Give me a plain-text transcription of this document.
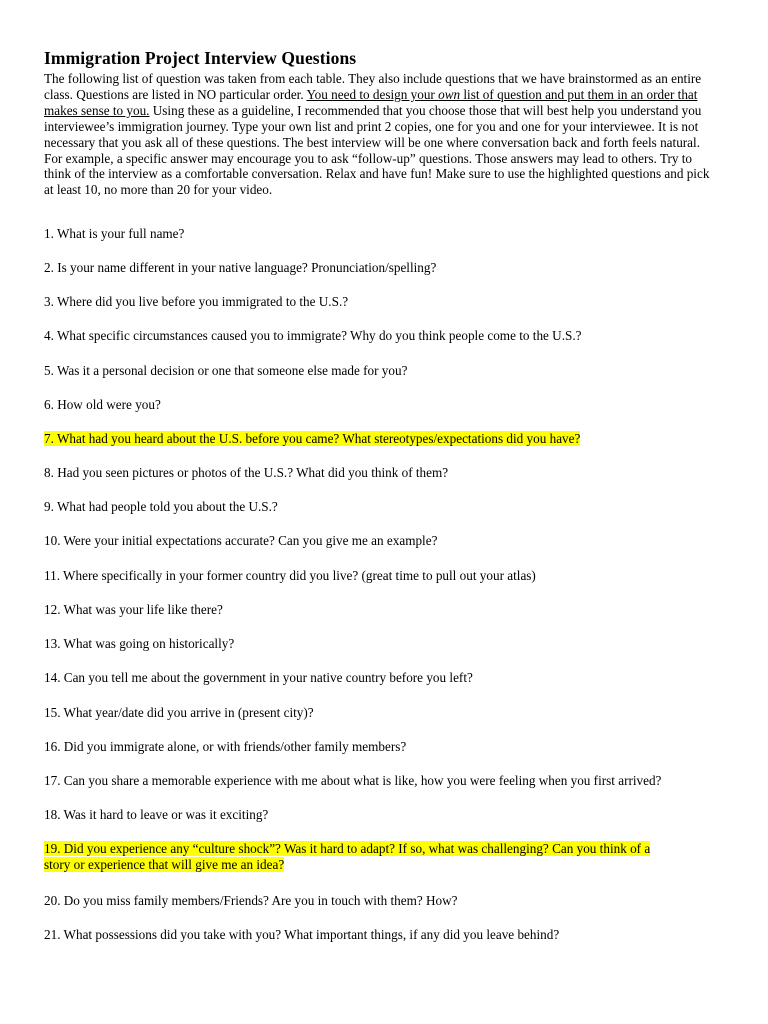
Immigration Project Interview Questions
The following list of question was taken from each table. They also include questions that we have brainstormed as an entire class. Questions are listed in NO particular order. You need to design your own list of question and put them in an order that makes sense to you. Using these as a guideline, I recommended that you choose those that will best help you understand you interviewee’s immigration journey. Type your own list and print 2 copies, one for you and one for your interviewee. It is not necessary that you ask all of these questions. The best interview will be one where conversation back and forth feels natural. For example, a specific answer may encourage you to ask “follow-up” questions. Those answers may lead to others. Try to think of the interview as a comfortable conversation. Relax and have fun! Make sure to use the highlighted questions and pick at least 10, no more than 20 for your video.
1. What is your full name?
2. Is your name different in your native language? Pronunciation/spelling?
3. Where did you live before you immigrated to the U.S.?
4. What specific circumstances caused you to immigrate? Why do you think people come to the U.S.?
5. Was it a personal decision or one that someone else made for you?
6. How old were you?
7. What had you heard about the U.S. before you came? What stereotypes/expectations did you have?
8. Had you seen pictures or photos of the U.S.? What did you think of them?
9. What had people told you about the U.S.?
10. Were your initial expectations accurate? Can you give me an example?
11. Where specifically in your former country did you live? (great time to pull out your atlas)
12. What was your life like there?
13. What was going on historically?
14. Can you tell me about the government in your native country before you left?
15. What year/date did you arrive in (present city)?
16. Did you immigrate alone, or with friends/other family members?
17. Can you share a memorable experience with me about what is like, how you were feeling when you first arrived?
18. Was it hard to leave or was it exciting?
19. Did you experience any “culture shock”? Was it hard to adapt? If so, what was challenging? Can you think of a
story or experience that will give me an idea?
20. Do you miss family members/Friends? Are you in touch with them? How?
21. What possessions did you take with you? What important things, if any did you leave behind?
